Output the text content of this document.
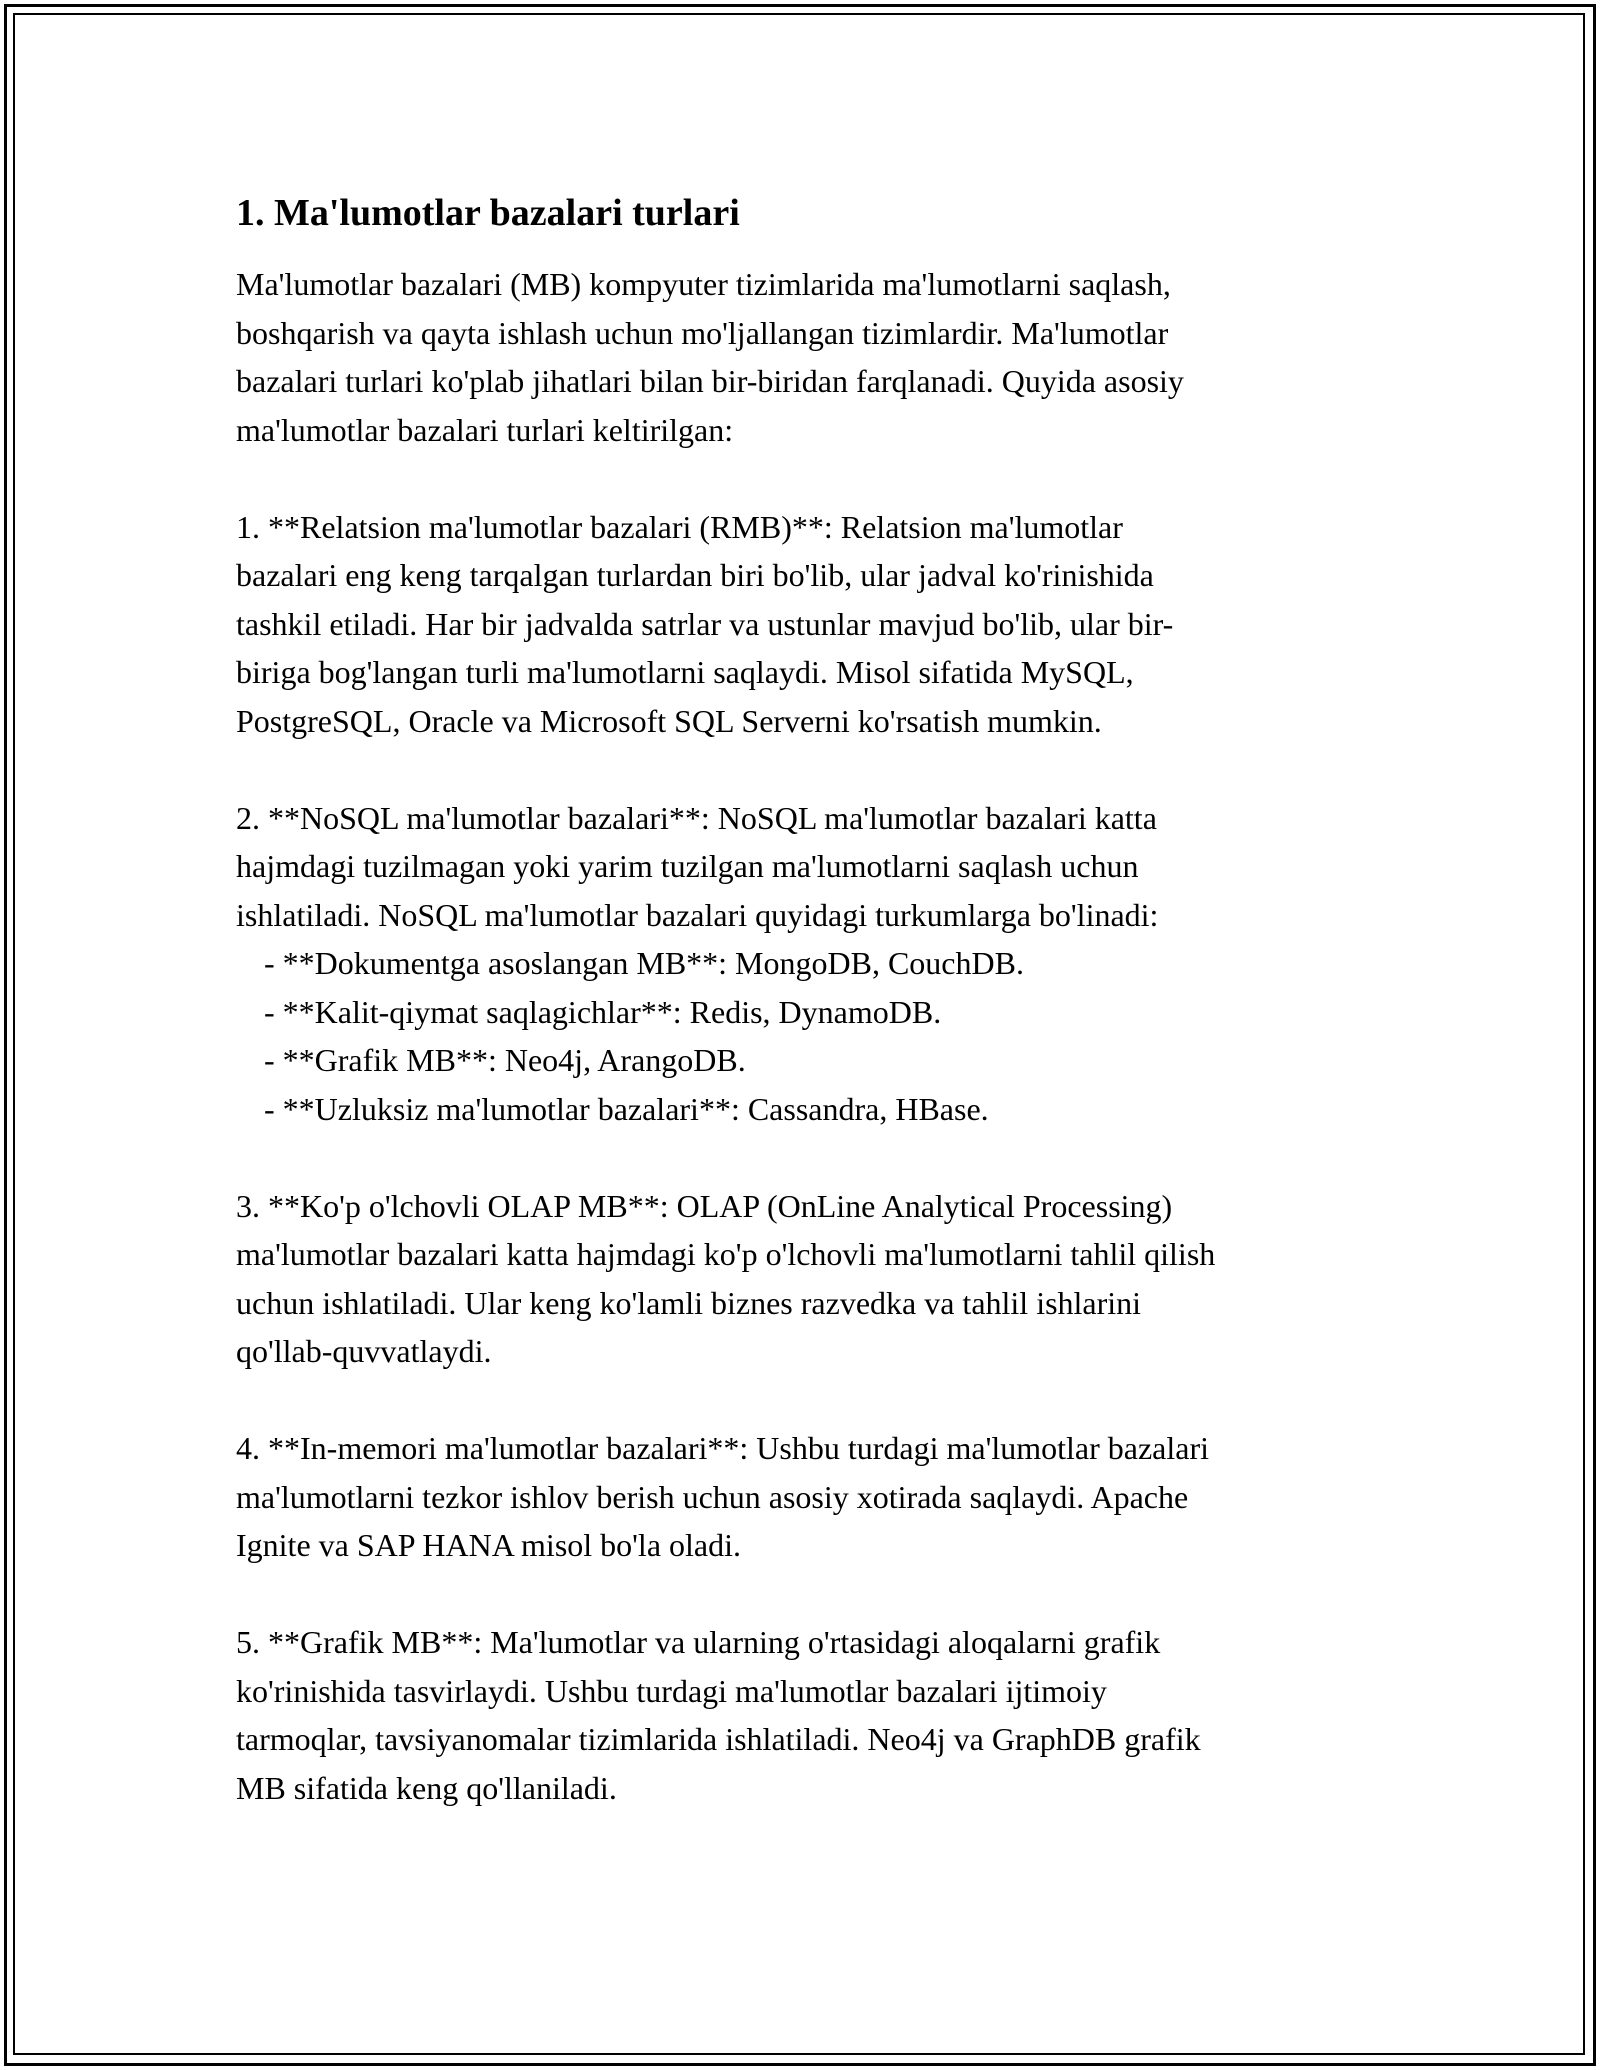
1. Ma'lumotlar bazalari turlari
Ma'lumotlar bazalari (MB) kompyuter tizimlarida ma'lumotlarni saqlash,
boshqarish va qayta ishlash uchun mo'ljallangan tizimlardir. Ma'lumotlar
bazalari turlari ko'plab jihatlari bilan bir-biridan farqlanadi. Quyida asosiy
ma'lumotlar bazalari turlari keltirilgan:
1. **Relatsion ma'lumotlar bazalari (RMB)**: Relatsion ma'lumotlar
bazalari eng keng tarqalgan turlardan biri bo'lib, ular jadval ko'rinishida
tashkil etiladi. Har bir jadvalda satrlar va ustunlar mavjud bo'lib, ular bir-
biriga bog'langan turli ma'lumotlarni saqlaydi. Misol sifatida MySQL,
PostgreSQL, Oracle va Microsoft SQL Serverni ko'rsatish mumkin.
2. **NoSQL ma'lumotlar bazalari**: NoSQL ma'lumotlar bazalari katta
hajmdagi tuzilmagan yoki yarim tuzilgan ma'lumotlarni saqlash uchun
ishlatiladi. NoSQL ma'lumotlar bazalari quyidagi turkumlarga bo'linadi:
- **Dokumentga asoslangan MB**: MongoDB, CouchDB.
- **Kalit-qiymat saqlagichlar**: Redis, DynamoDB.
- **Grafik MB**: Neo4j, ArangoDB.
- **Uzluksiz ma'lumotlar bazalari**: Cassandra, HBase.
3. **Ko'p o'lchovli OLAP MB**: OLAP (OnLine Analytical Processing)
ma'lumotlar bazalari katta hajmdagi ko'p o'lchovli ma'lumotlarni tahlil qilish
uchun ishlatiladi. Ular keng ko'lamli biznes razvedka va tahlil ishlarini
qo'llab-quvvatlaydi.
4. **In-memori ma'lumotlar bazalari**: Ushbu turdagi ma'lumotlar bazalari
ma'lumotlarni tezkor ishlov berish uchun asosiy xotirada saqlaydi. Apache
Ignite va SAP HANA misol bo'la oladi.
5. **Grafik MB**: Ma'lumotlar va ularning o'rtasidagi aloqalarni grafik
ko'rinishida tasvirlaydi. Ushbu turdagi ma'lumotlar bazalari ijtimoiy
tarmoqlar, tavsiyanomalar tizimlarida ishlatiladi. Neo4j va GraphDB grafik
MB sifatida keng qo'llaniladi.
